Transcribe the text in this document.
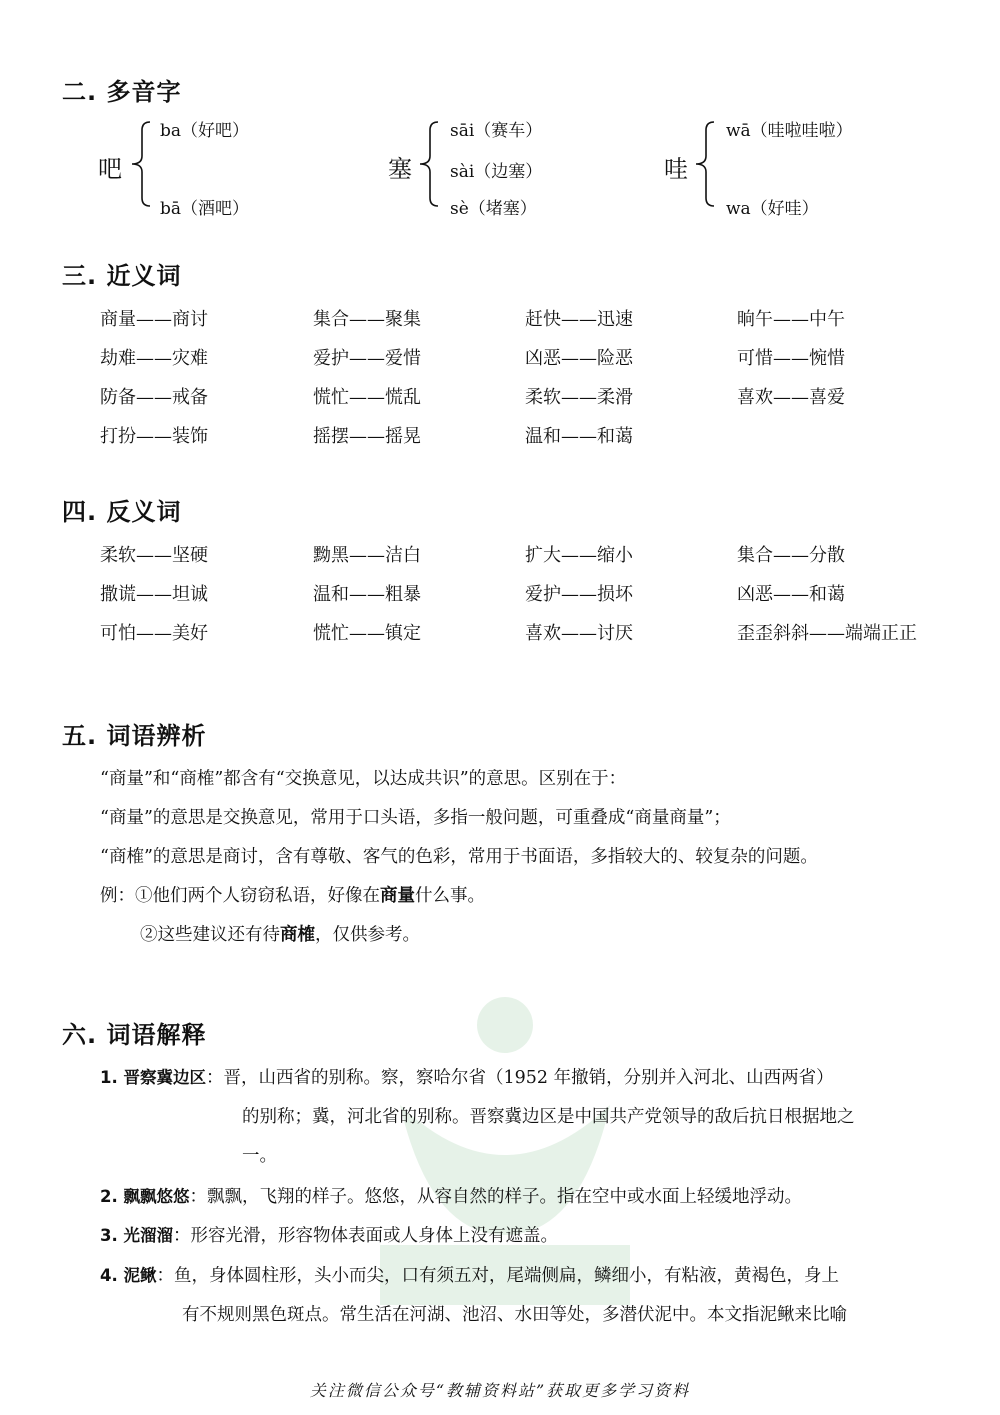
二. 多音字
三. 近义词
四. 反义词
五. 词语辨析
六. 词语解释
吧
ba（好吧）
bā（酒吧）
塞
sāi（赛车）
sài（边塞）
sè（堵塞）
哇
wā（哇啦哇啦）
wa（好哇）
商量——商讨	集合——聚集	赶快——迅速	晌午——中午
劫难——灾难	爱护——爱惜	凶恶——险恶	可惜——惋惜
防备——戒备	慌忙——慌乱	柔软——柔滑	喜欢——喜爱
打扮——装饰	摇摆——摇晃	温和——和蔼
柔软——坚硬	黝黑——洁白	扩大——缩小	集合——分散
撒谎——坦诚	温和——粗暴	爱护——损坏	凶恶——和蔼
可怕——美好	慌忙——镇定	喜欢——讨厌	歪歪斜斜——端端正正
“商量”和“商榷”都含有“交换意见，以达成共识”的意思。区别在于：
“商量”的意思是交换意见，常用于口头语，多指一般问题，可重叠成“商量商量”；
“商榷”的意思是商讨，含有尊敬、客气的色彩，常用于书面语，多指较大的、较复杂的问题。
例：①他们两个人窃窃私语，好像在商量什么事。
②这些建议还有待商榷，仅供参考。
1. 晋察冀边区：晋，山西省的别称。察，察哈尔省（1952 年撤销，分别并入河北、山西两省）
的别称；冀，河北省的别称。晋察冀边区是中国共产党领导的敌后抗日根据地之
一。
2. 飘飘悠悠：飘飘，飞翔的样子。悠悠，从容自然的样子。指在空中或水面上轻缓地浮动。
3. 光溜溜：形容光滑，形容物体表面或人身体上没有遮盖。
4. 泥鳅：鱼，身体圆柱形，头小而尖，口有须五对，尾端侧扁，鳞细小，有粘液，黄褐色，身上
有不规则黑色斑点。常生活在河湖、池沼、水田等处，多潜伏泥中。本文指泥鳅来比喻
关注微信公众号“教辅资料站”获取更多学习资料
